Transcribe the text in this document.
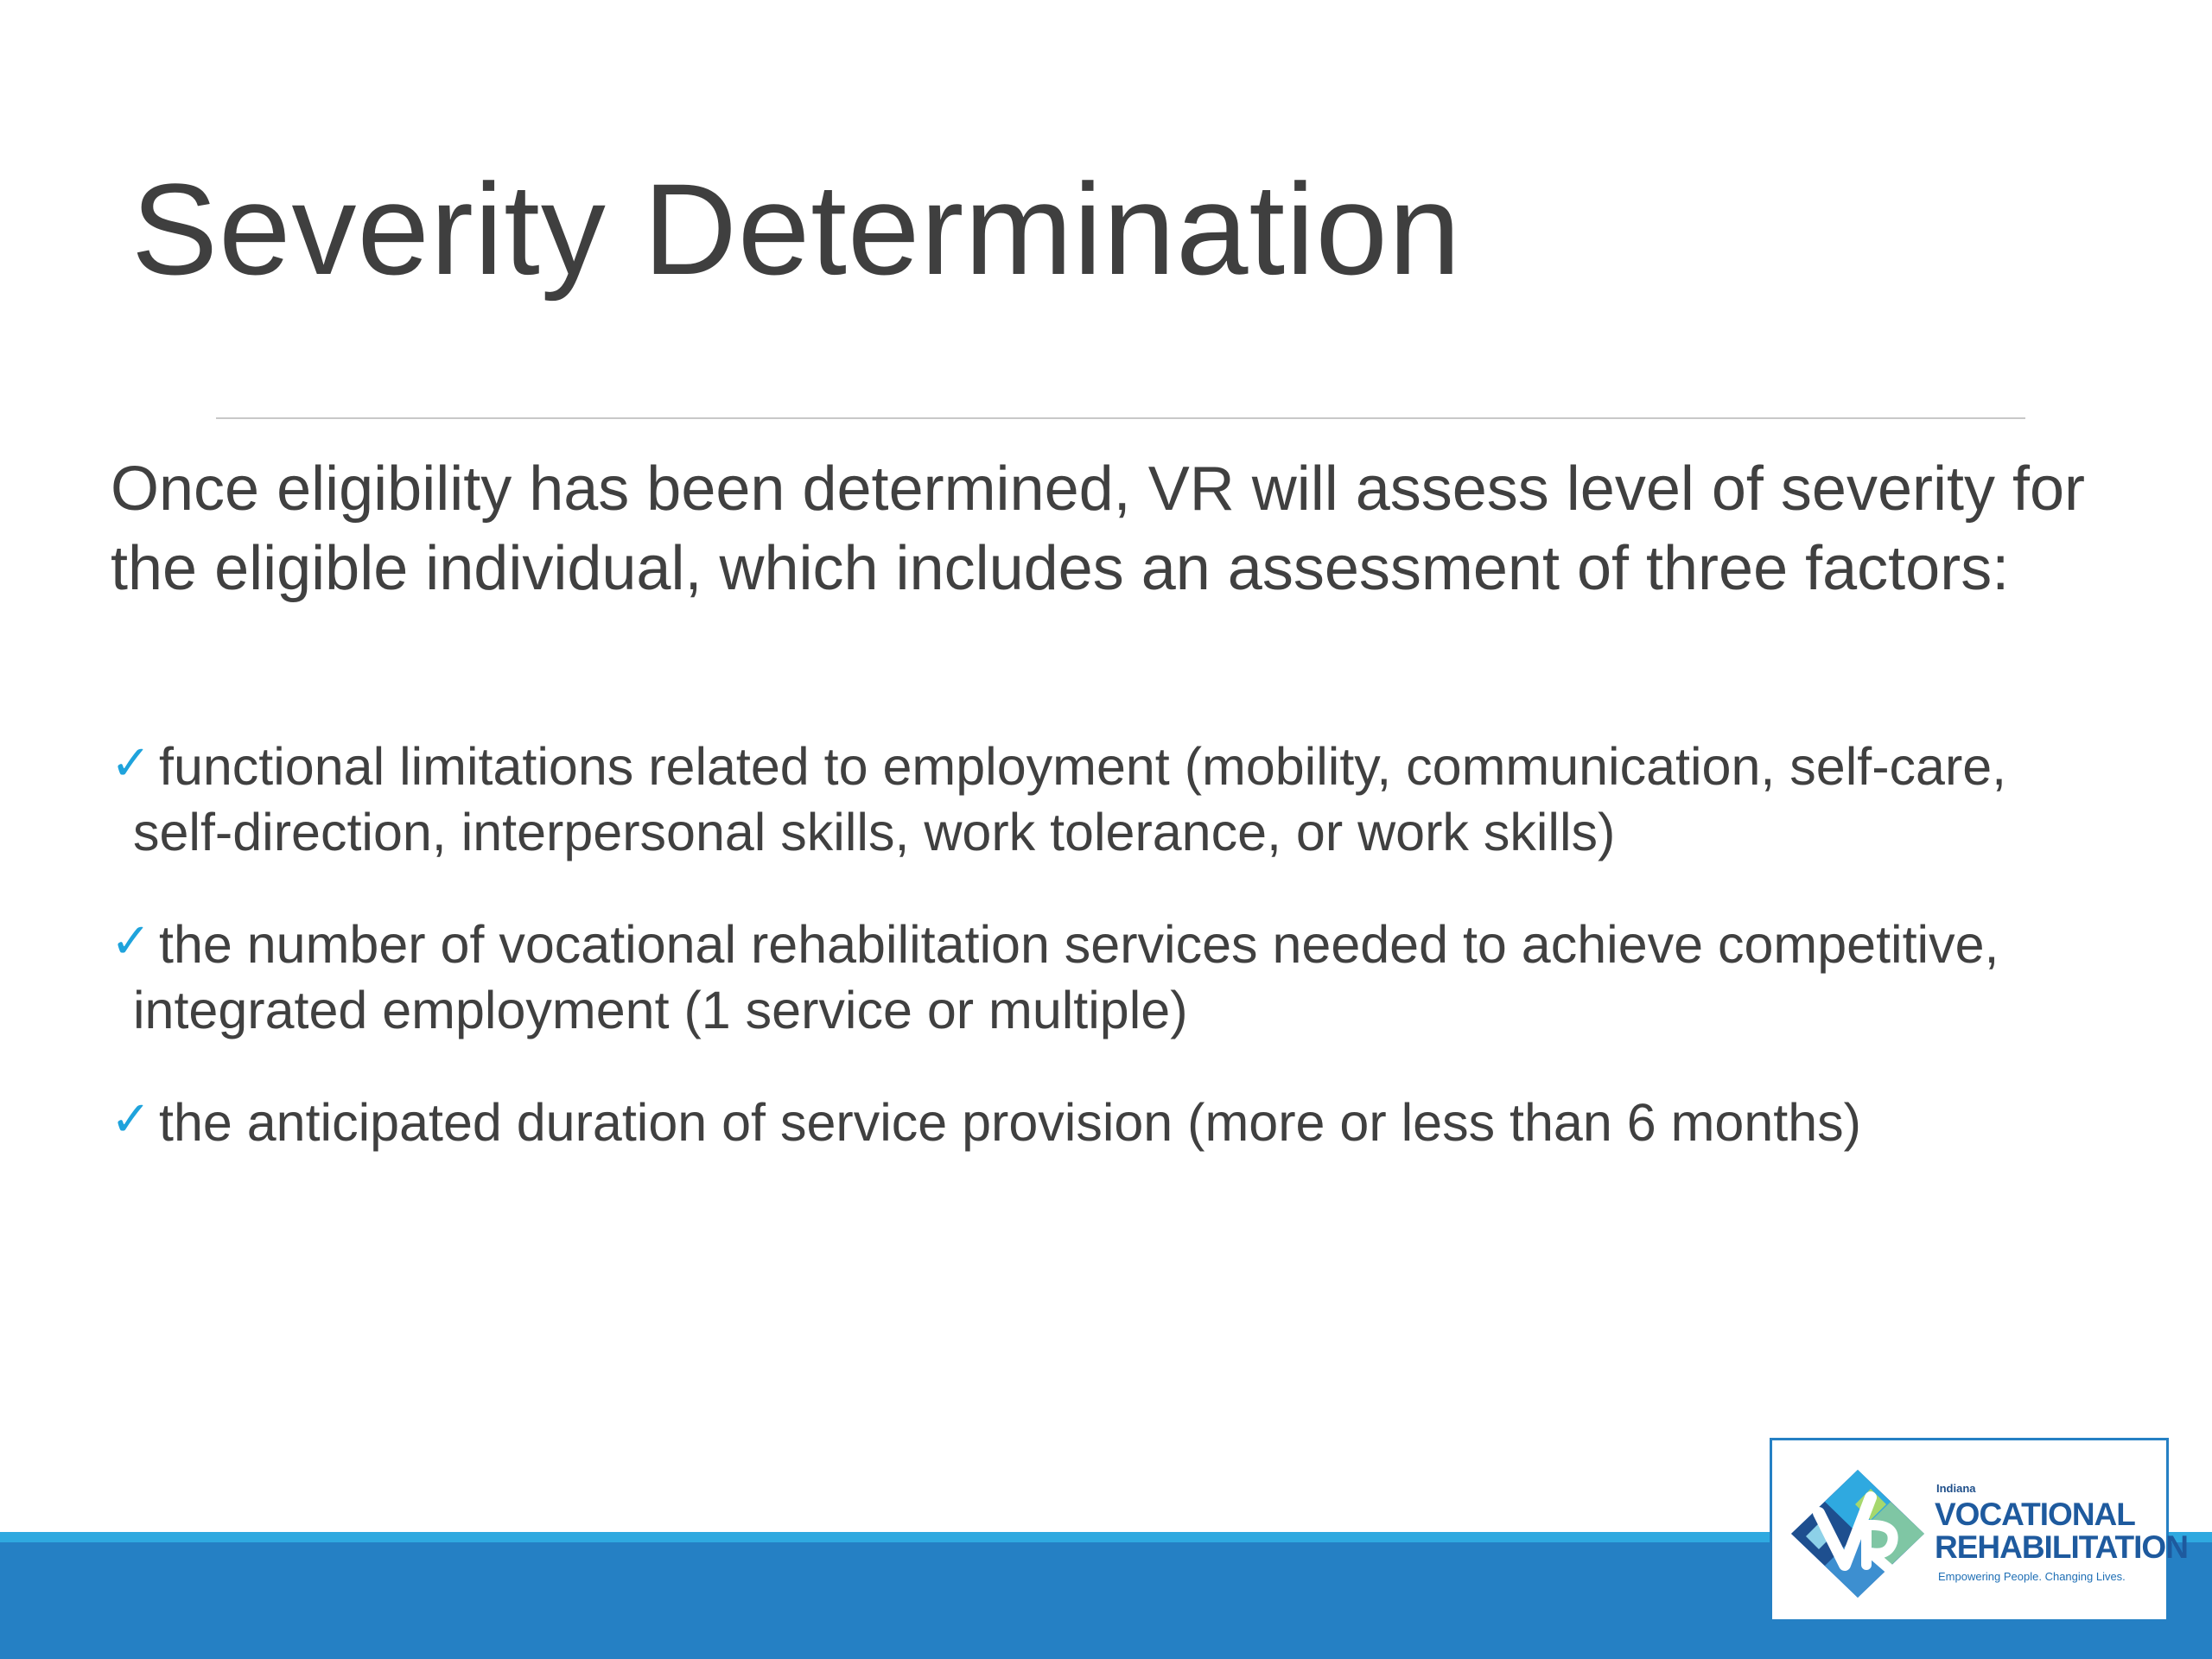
Severity Determination
Once eligibility has been determined, VR will assess level of severity for the eligible individual, which includes an assessment of three factors:
✓ functional limitations related to employment (mobility, communication, self-care, self-direction, interpersonal skills, work tolerance, or work skills)
✓ the number of vocational rehabilitation services needed to achieve competitive, integrated employment (1 service or multiple)
✓ the anticipated duration of service provision (more or less than 6 months)
Indiana
VOCATIONAL
REHABILITATION
Empowering People. Changing Lives.
